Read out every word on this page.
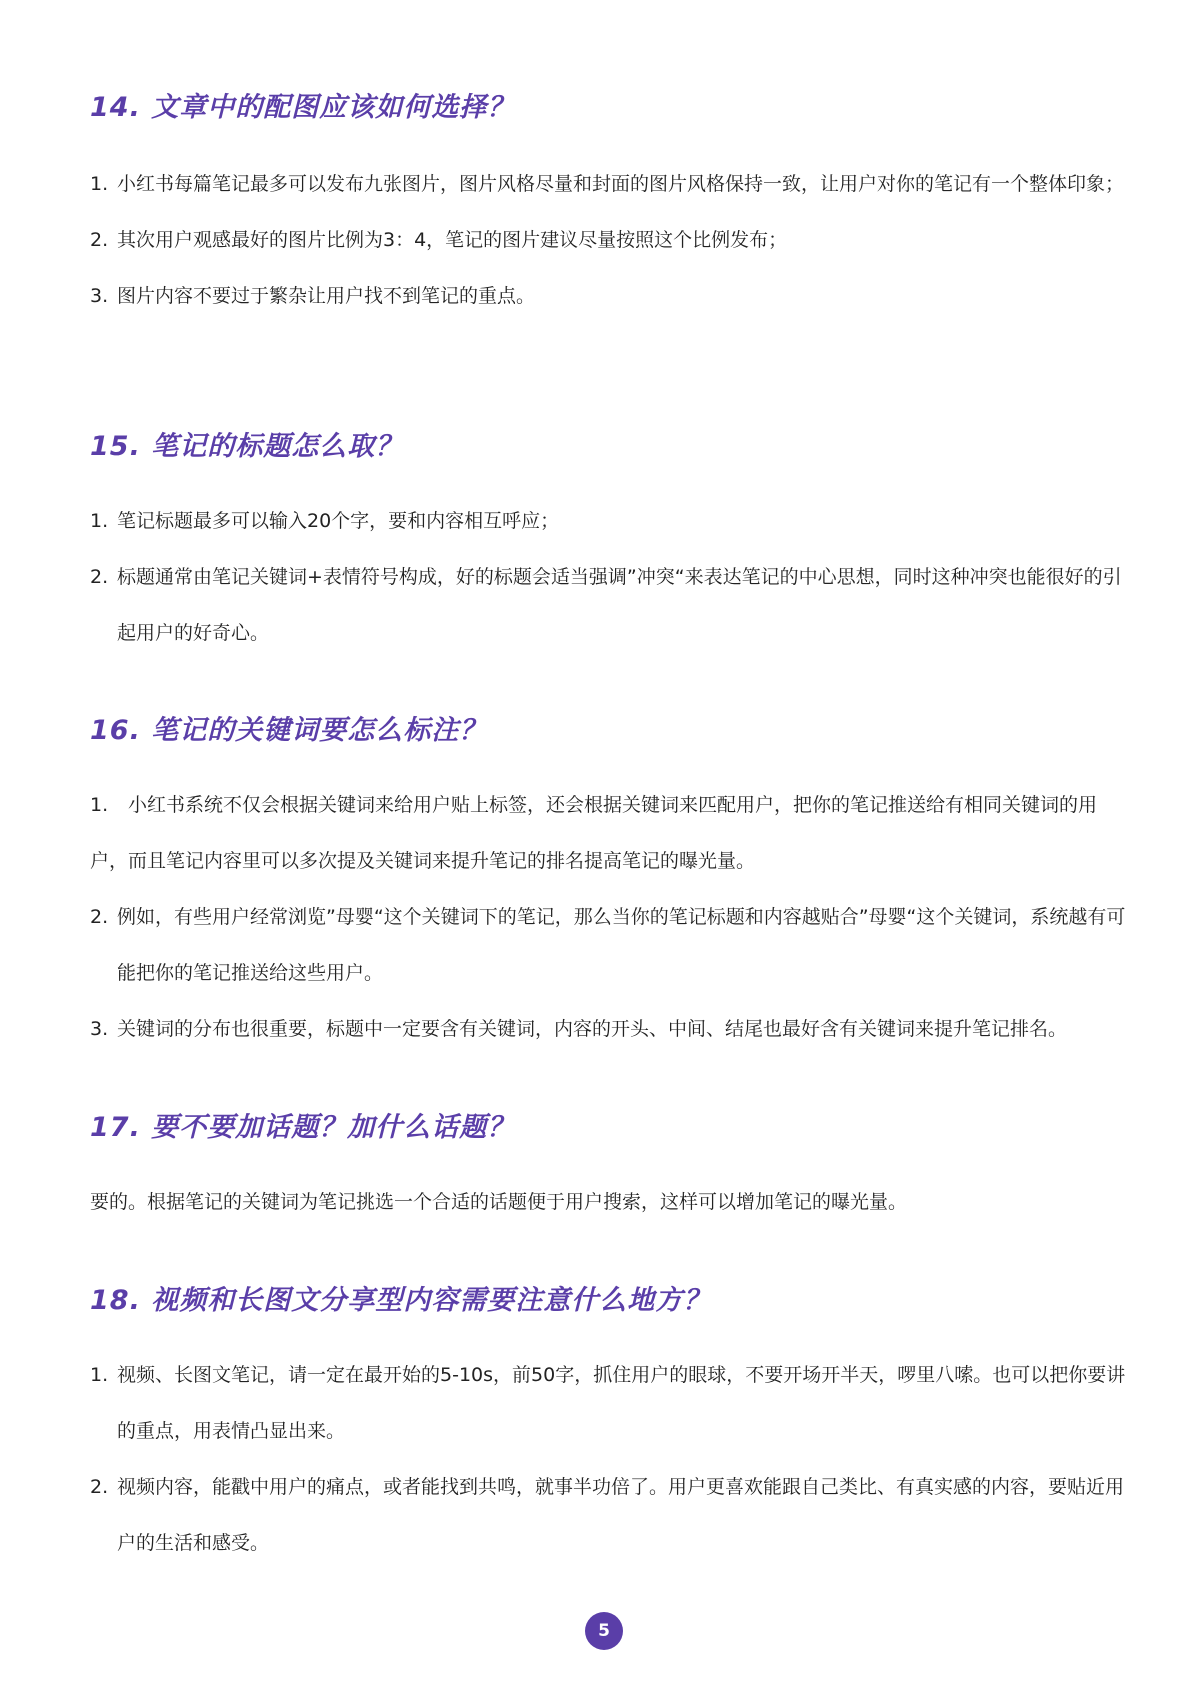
14. 文章中的配图应该如何选择？
1. 小红书每篇笔记最多可以发布九张图片，图片风格尽量和封面的图片风格保持一致，让用户对你的笔记有一个整体印象；
2. 其次用户观感最好的图片比例为3：4，笔记的图片建议尽量按照这个比例发布；
3. 图片内容不要过于繁杂让用户找不到笔记的重点。
15. 笔记的标题怎么取？
1. 笔记标题最多可以输入20个字，要和内容相互呼应；
2. 标题通常由笔记关键词+表情符号构成，好的标题会适当强调”冲突“来表达笔记的中心思想，同时这种冲突也能很好的引起用户的好奇心。
16. 笔记的关键词要怎么标注？
1. 小红书系统不仅会根据关键词来给用户贴上标签，还会根据关键词来匹配用户，把你的笔记推送给有相同关键词的用户，而且笔记内容里可以多次提及关键词来提升笔记的排名提高笔记的曝光量。
2. 例如，有些用户经常浏览”母婴“这个关键词下的笔记，那么当你的笔记标题和内容越贴合”母婴“这个关键词，系统越有可能把你的笔记推送给这些用户。
3. 关键词的分布也很重要，标题中一定要含有关键词，内容的开头、中间、结尾也最好含有关键词来提升笔记排名。
17. 要不要加话题？加什么话题？

要的。根据笔记的关键词为笔记挑选一个合适的话题便于用户搜索，这样可以增加笔记的曝光量。

18. 视频和长图文分享型内容需要注意什么地方？
1. 视频、长图文笔记，请一定在最开始的5-10s，前50字，抓住用户的眼球，不要开场开半天，啰里八嗦。也可以把你要讲的重点，用表情凸显出来。
2. 视频内容，能戳中用户的痛点，或者能找到共鸣，就事半功倍了。用户更喜欢能跟自己类比、有真实感的内容，要贴近用户的生活和感受。
5
